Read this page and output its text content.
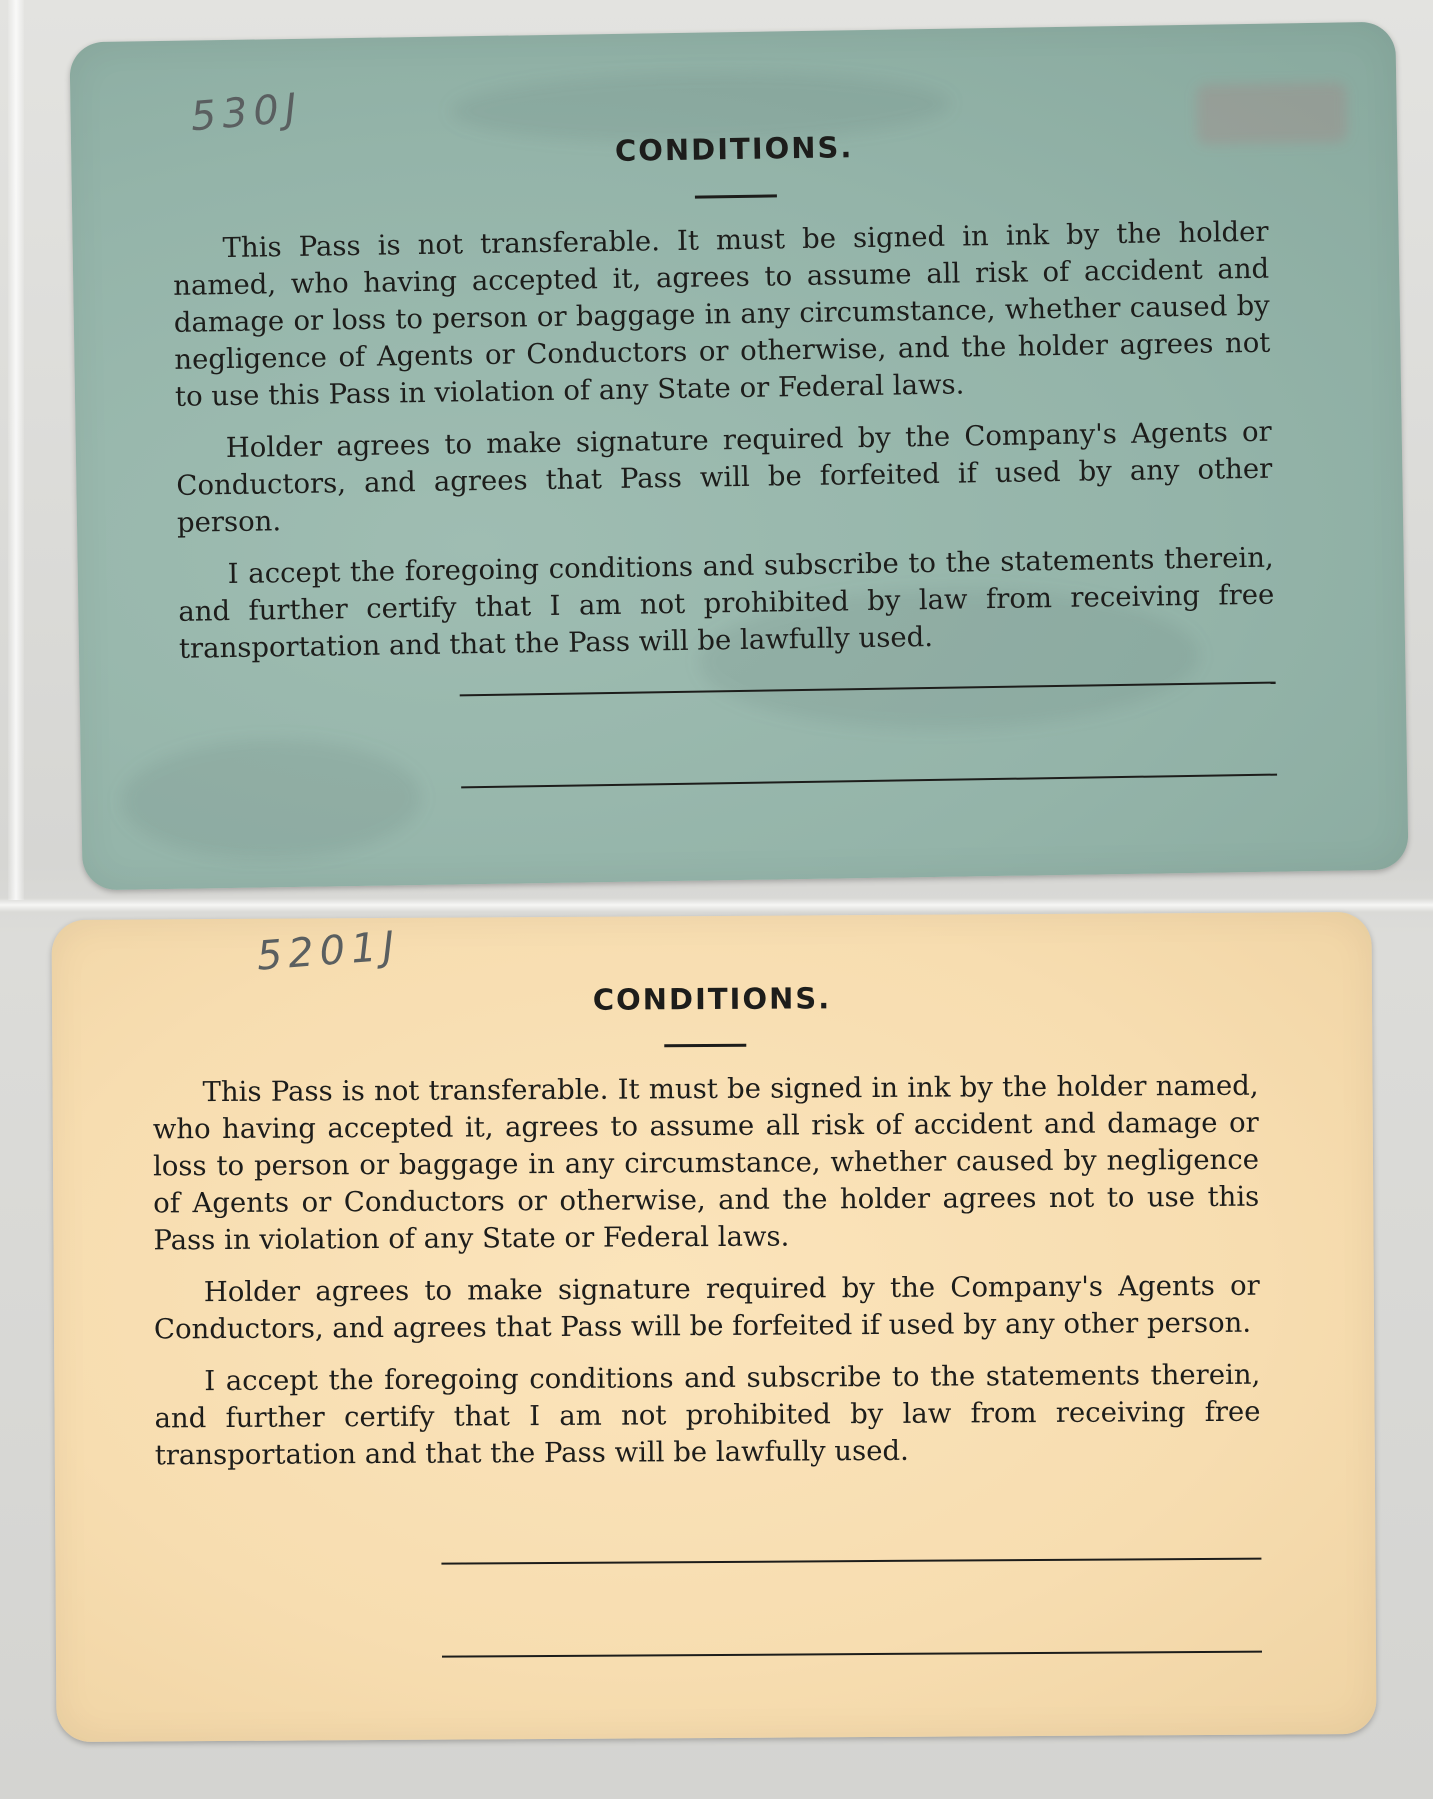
530J
CONDITIONS.

This Pass is not transferable. It must be signed in ink by the holder named, who having accepted it, agrees to assume all risk of accident and damage or loss to person or baggage in any circumstance, whether caused by negligence of Agents or Conductors or otherwise, and the holder agrees not to use this Pass in violation of any State or Federal laws.

Holder agrees to make signature required by the Company's Agents or Conductors, and agrees that Pass will be forfeited if used by any other person.

I accept the foregoing conditions and subscribe to the statements therein, and further certify that I am not prohibited by law from receiving free transportation and that the Pass will be lawfully used.

5201J
CONDITIONS.

This Pass is not transferable. It must be signed in ink by the holder named, who having accepted it, agrees to assume all risk of accident and damage or loss to person or baggage in any circumstance, whether caused by negligence of Agents or Conductors or otherwise, and the holder agrees not to use this Pass in violation of any State or Federal laws.

Holder agrees to make signature required by the Company's Agents or Conductors, and agrees that Pass will be forfeited if used by any other person.

I accept the foregoing conditions and subscribe to the statements therein, and further certify that I am not prohibited by law from receiving free transportation and that the Pass will be lawfully used.
